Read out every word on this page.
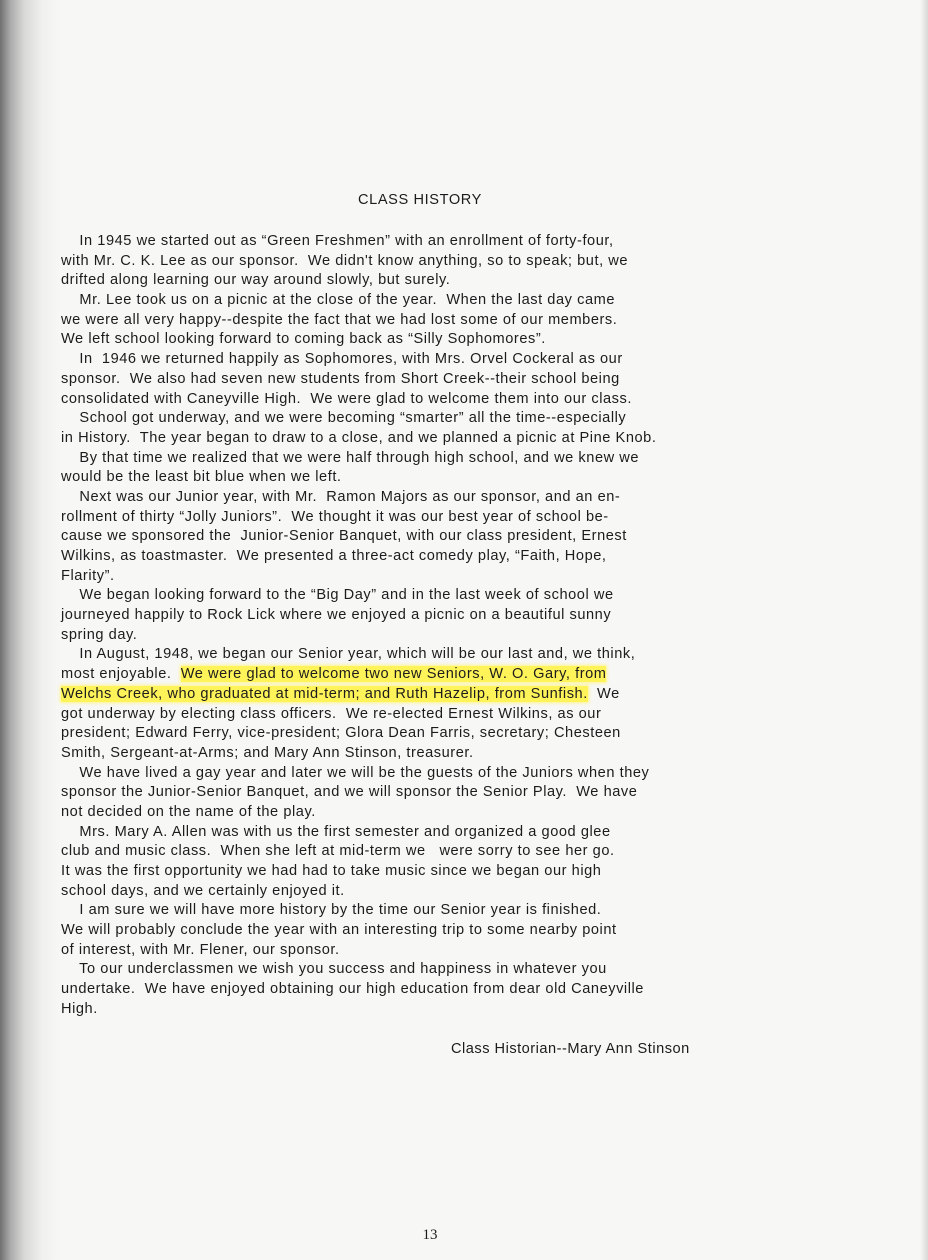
CLASS HISTORY
In 1945 we started out as “Green Freshmen” with an enrollment of forty-four,
with Mr. C. K. Lee as our sponsor.  We didn't know anything, so to speak; but, we
drifted along learning our way around slowly, but surely.
Mr. Lee took us on a picnic at the close of the year.  When the last day came
we were all very happy--despite the fact that we had lost some of our members.
We left school looking forward to coming back as “Silly Sophomores”.
In  1946 we returned happily as Sophomores, with Mrs. Orvel Cockeral as our
sponsor.  We also had seven new students from Short Creek--their school being
consolidated with Caneyville High.  We were glad to welcome them into our class.
School got underway, and we were becoming “smarter” all the time--especially
in History.  The year began to draw to a close, and we planned a picnic at Pine Knob.
By that time we realized that we were half through high school, and we knew we
would be the least bit blue when we left.
Next was our Junior year, with Mr.  Ramon Majors as our sponsor, and an en-
rollment of thirty “Jolly Juniors”.  We thought it was our best year of school be-
cause we sponsored the  Junior-Senior Banquet, with our class president, Ernest
Wilkins, as toastmaster.  We presented a three-act comedy play, “Faith, Hope,
Flarity”.
We began looking forward to the “Big Day” and in the last week of school we
journeyed happily to Rock Lick where we enjoyed a picnic on a beautiful sunny
spring day.
In August, 1948, we began our Senior year, which will be our last and, we think,
most enjoyable.  We were glad to welcome two new Seniors, W. O. Gary, from
Welchs Creek, who graduated at mid-term; and Ruth Hazelip, from Sunfish.  We
got underway by electing class officers.  We re-elected Ernest Wilkins, as our
president; Edward Ferry, vice-president; Glora Dean Farris, secretary; Chesteen
Smith, Sergeant-at-Arms; and Mary Ann Stinson, treasurer.
We have lived a gay year and later we will be the guests of the Juniors when they
sponsor the Junior-Senior Banquet, and we will sponsor the Senior Play.  We have
not decided on the name of the play.
Mrs. Mary A. Allen was with us the first semester and organized a good glee
club and music class.  When she left at mid-term we   were sorry to see her go.
It was the first opportunity we had had to take music since we began our high
school days, and we certainly enjoyed it.
I am sure we will have more history by the time our Senior year is finished.
We will probably conclude the year with an interesting trip to some nearby point
of interest, with Mr. Flener, our sponsor.
To our underclassmen we wish you success and happiness in whatever you
undertake.  We have enjoyed obtaining our high education from dear old Caneyville
High.
Class Historian--Mary Ann Stinson
13
